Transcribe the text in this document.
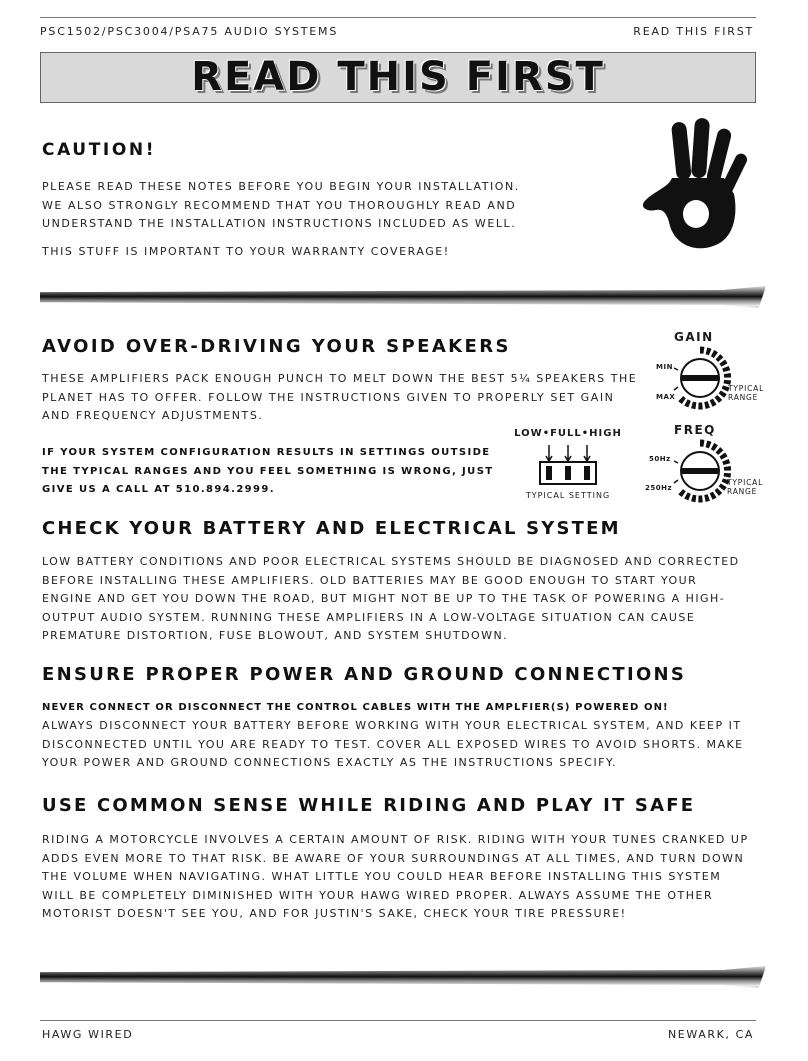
PSC1502/PSC3004/PSA75 AUDIO SYSTEMS	READ THIS FIRST
READ THIS FIRST
CAUTION!
PLEASE READ THESE NOTES BEFORE YOU BEGIN YOUR INSTALLATION.
WE ALSO STRONGLY RECOMMEND THAT YOU THOROUGHLY READ AND
UNDERSTAND THE INSTALLATION INSTRUCTIONS INCLUDED AS WELL.
THIS STUFF IS IMPORTANT TO YOUR WARRANTY COVERAGE!
AVOID OVER-DRIVING YOUR SPEAKERS
THESE AMPLIFIERS PACK ENOUGH PUNCH TO MELT DOWN THE BEST 5¼ SPEAKERS THE
PLANET HAS TO OFFER. FOLLOW THE INSTRUCTIONS GIVEN TO PROPERLY SET GAIN
AND FREQUENCY ADJUSTMENTS.
IF YOUR SYSTEM CONFIGURATION RESULTS IN SETTINGS OUTSIDE
THE TYPICAL RANGES AND YOU FEEL SOMETHING IS WRONG, JUST
GIVE US A CALL AT 510.894.2999.
LOW•FULL•HIGH
TYPICAL SETTING
GAIN
MIN
MAX
TYPICAL
RANGE
FREQ
50Hz
250Hz
TYPICAL
RANGE
CHECK YOUR BATTERY AND ELECTRICAL SYSTEM
LOW BATTERY CONDITIONS AND POOR ELECTRICAL SYSTEMS SHOULD BE DIAGNOSED AND CORRECTED
BEFORE INSTALLING THESE AMPLIFIERS. OLD BATTERIES MAY BE GOOD ENOUGH TO START YOUR
ENGINE AND GET YOU DOWN THE ROAD, BUT MIGHT NOT BE UP TO THE TASK OF POWERING A HIGH-
OUTPUT AUDIO SYSTEM. RUNNING THESE AMPLIFIERS IN A LOW-VOLTAGE SITUATION CAN CAUSE
PREMATURE DISTORTION, FUSE BLOWOUT, AND SYSTEM SHUTDOWN.
ENSURE PROPER POWER AND GROUND CONNECTIONS
NEVER CONNECT OR DISCONNECT THE CONTROL CABLES WITH THE AMPLFIER(S) POWERED ON!
ALWAYS DISCONNECT YOUR BATTERY BEFORE WORKING WITH YOUR ELECTRICAL SYSTEM, AND KEEP IT
DISCONNECTED UNTIL YOU ARE READY TO TEST. COVER ALL EXPOSED WIRES TO AVOID SHORTS. MAKE
YOUR POWER AND GROUND CONNECTIONS EXACTLY AS THE INSTRUCTIONS SPECIFY.
USE COMMON SENSE WHILE RIDING AND PLAY IT SAFE
RIDING A MOTORCYCLE INVOLVES A CERTAIN AMOUNT OF RISK. RIDING WITH YOUR TUNES CRANKED UP
ADDS EVEN MORE TO THAT RISK. BE AWARE OF YOUR SURROUNDINGS AT ALL TIMES, AND TURN DOWN
THE VOLUME WHEN NAVIGATING. WHAT LITTLE YOU COULD HEAR BEFORE INSTALLING THIS SYSTEM
WILL BE COMPLETELY DIMINISHED WITH YOUR HAWG WIRED PROPER. ALWAYS ASSUME THE OTHER
MOTORIST DOESN'T SEE YOU, AND FOR JUSTIN'S SAKE, CHECK YOUR TIRE PRESSURE!
HAWG WIRED	NEWARK, CA
